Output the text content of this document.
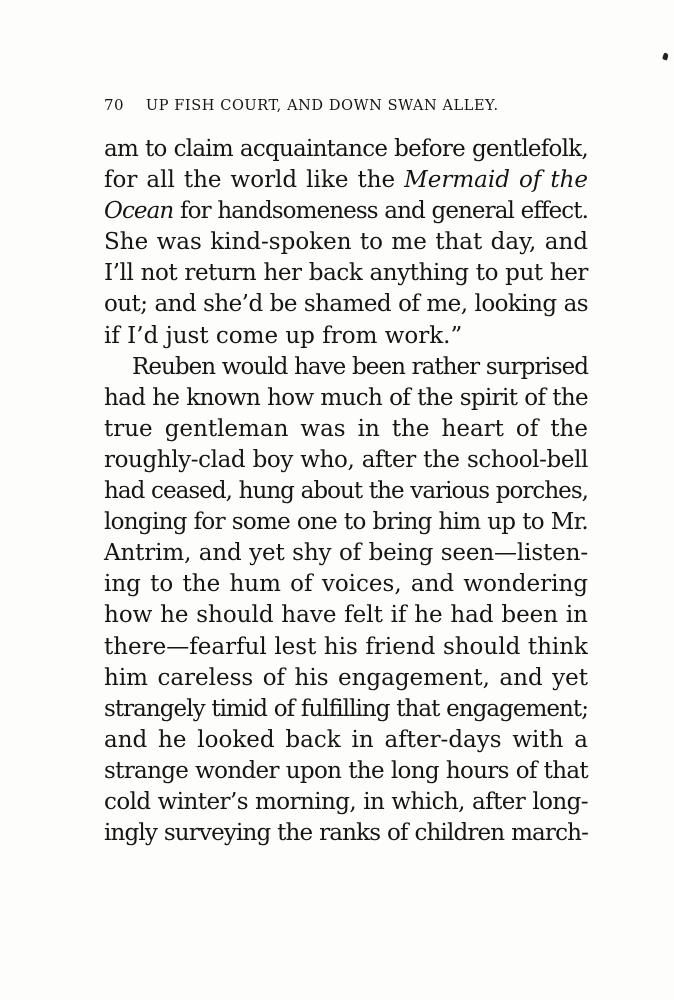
70 UP FISH COURT, AND DOWN SWAN ALLEY.
am to claim acquaintance before gentlefolk,
for all the world like the Mermaid of the
Ocean for handsomeness and general effect.
She was kind-spoken to me that day, and
I’ll not return her back anything to put her
out; and she’d be shamed of me, looking as
if I’d just come up from work.”
Reuben would have been rather surprised
had he known how much of the spirit of the
true gentleman was in the heart of the
roughly-clad boy who, after the school-bell
had ceased, hung about the various porches,
longing for some one to bring him up to Mr.
Antrim, and yet shy of being seen—listen-
ing to the hum of voices, and wondering
how he should have felt if he had been in
there—fearful lest his friend should think
him careless of his engagement, and yet
strangely timid of fulfilling that engagement;
and he looked back in after-days with a
strange wonder upon the long hours of that
cold winter’s morning, in which, after long-
ingly surveying the ranks of children march-
